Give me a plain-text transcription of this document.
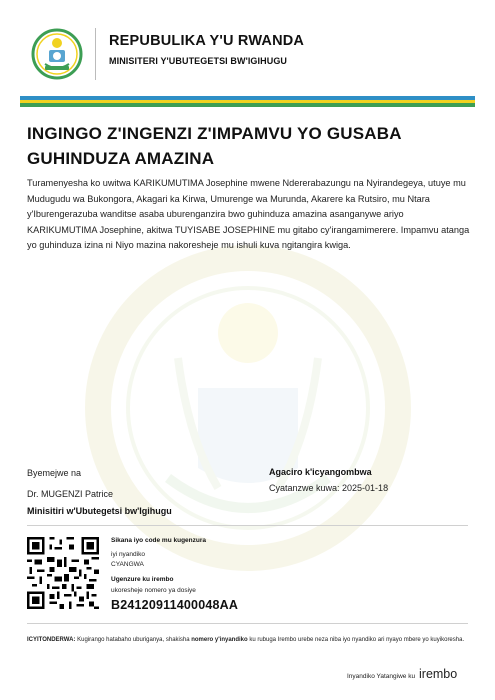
REPUBULIKA Y'U RWANDA
MINISITERI Y'UBUTEGETSI BW'IGIHUGU
INGINGO Z'INGENZI Z'IMPAMVU YO GUSABA
GUHINDUZA AMAZINA
Turamenyesha ko uwitwa KARIKUMUTIMA Josephine mwene Ndererabazungu na Nyirandegeya, utuye mu Mudugudu wa Bukongora, Akagari ka Kirwa, Umurenge wa Murunda, Akarere ka Rutsiro, mu Ntara y'Iburengerazuba wanditse asaba uburenganzira bwo guhinduza amazina asanganywe ariyo KARIKUMUTIMA Josephine, akitwa TUYISABE JOSEPHINE mu gitabo cy'irangamimerere. Impamvu atanga yo guhinduza izina ni Niyo mazina nakoresheje mu ishuli kuva ngitangira kwiga.
Byemejwe na
Dr. MUGENZI Patrice
Minisitiri w'Ubutegetsi bw'Igihugu
Agaciro k'icyangombwa
Cyatanzwe kuwa: 2025-01-18
Sikana iyo code mu kugenzura
iyi nyandiko
CYANGWA
Ugenzure ku irembo
ukoresheje nomero ya dosiye
B24120911400048AA
ICYITONDERWA: Kugirango hatabaho uburiganya, shakisha nomero y'inyandiko ku rubuga Irembo urebe neza niba iyo nyandiko ari nyayo mbere yo kuyikoresha.
Inyandiko Yatangiwe ku irembo
